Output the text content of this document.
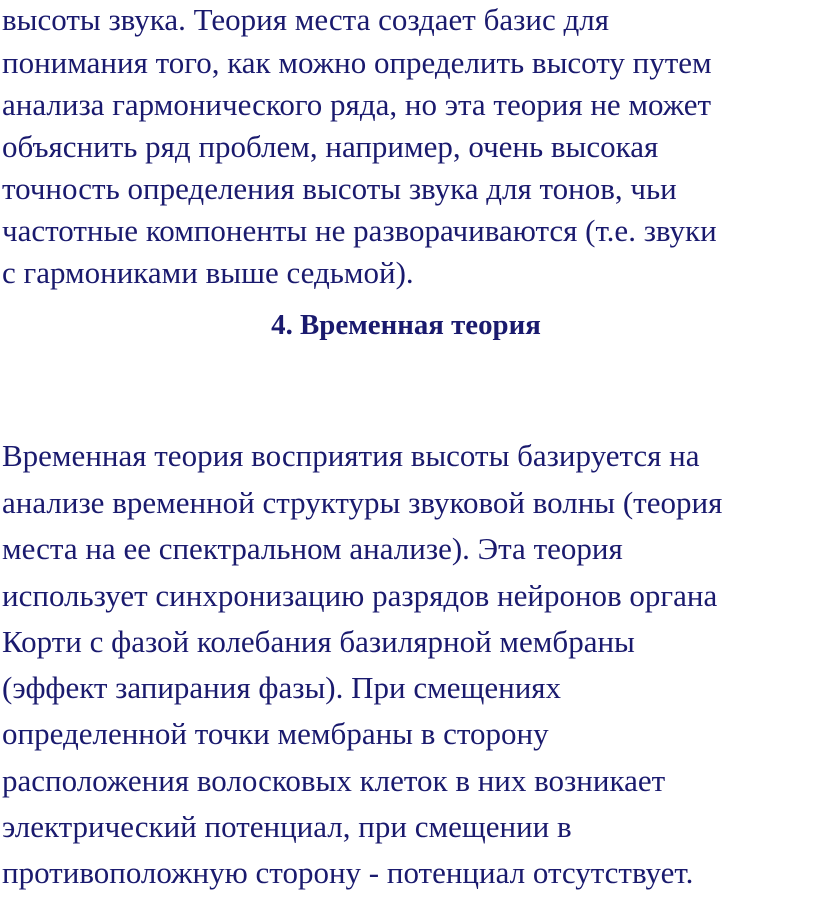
высоты звука. Теория места создает базис для
понимания того, как можно определить высоту путем
анализа гармонического ряда, но эта теория не может
объяснить ряд проблем, например, очень высокая
точность определения высоты звука для тонов, чьи
частотные компоненты не разворачиваются (т.е. звуки
с гармониками выше седьмой).
4. Временная теория
Временная теория восприятия высоты базируется на
анализе временной структуры звуковой волны (теория
места на ее спектральном анализе). Эта теория
использует синхронизацию разрядов нейронов органа
Корти с фазой колебания базилярной мембраны
(эффект запирания фазы). При смещениях
определенной точки мембраны в сторону
расположения волосковых клеток в них возникает
электрический потенциал, при смещении в
противоположную сторону - потенциал отсутствует.
